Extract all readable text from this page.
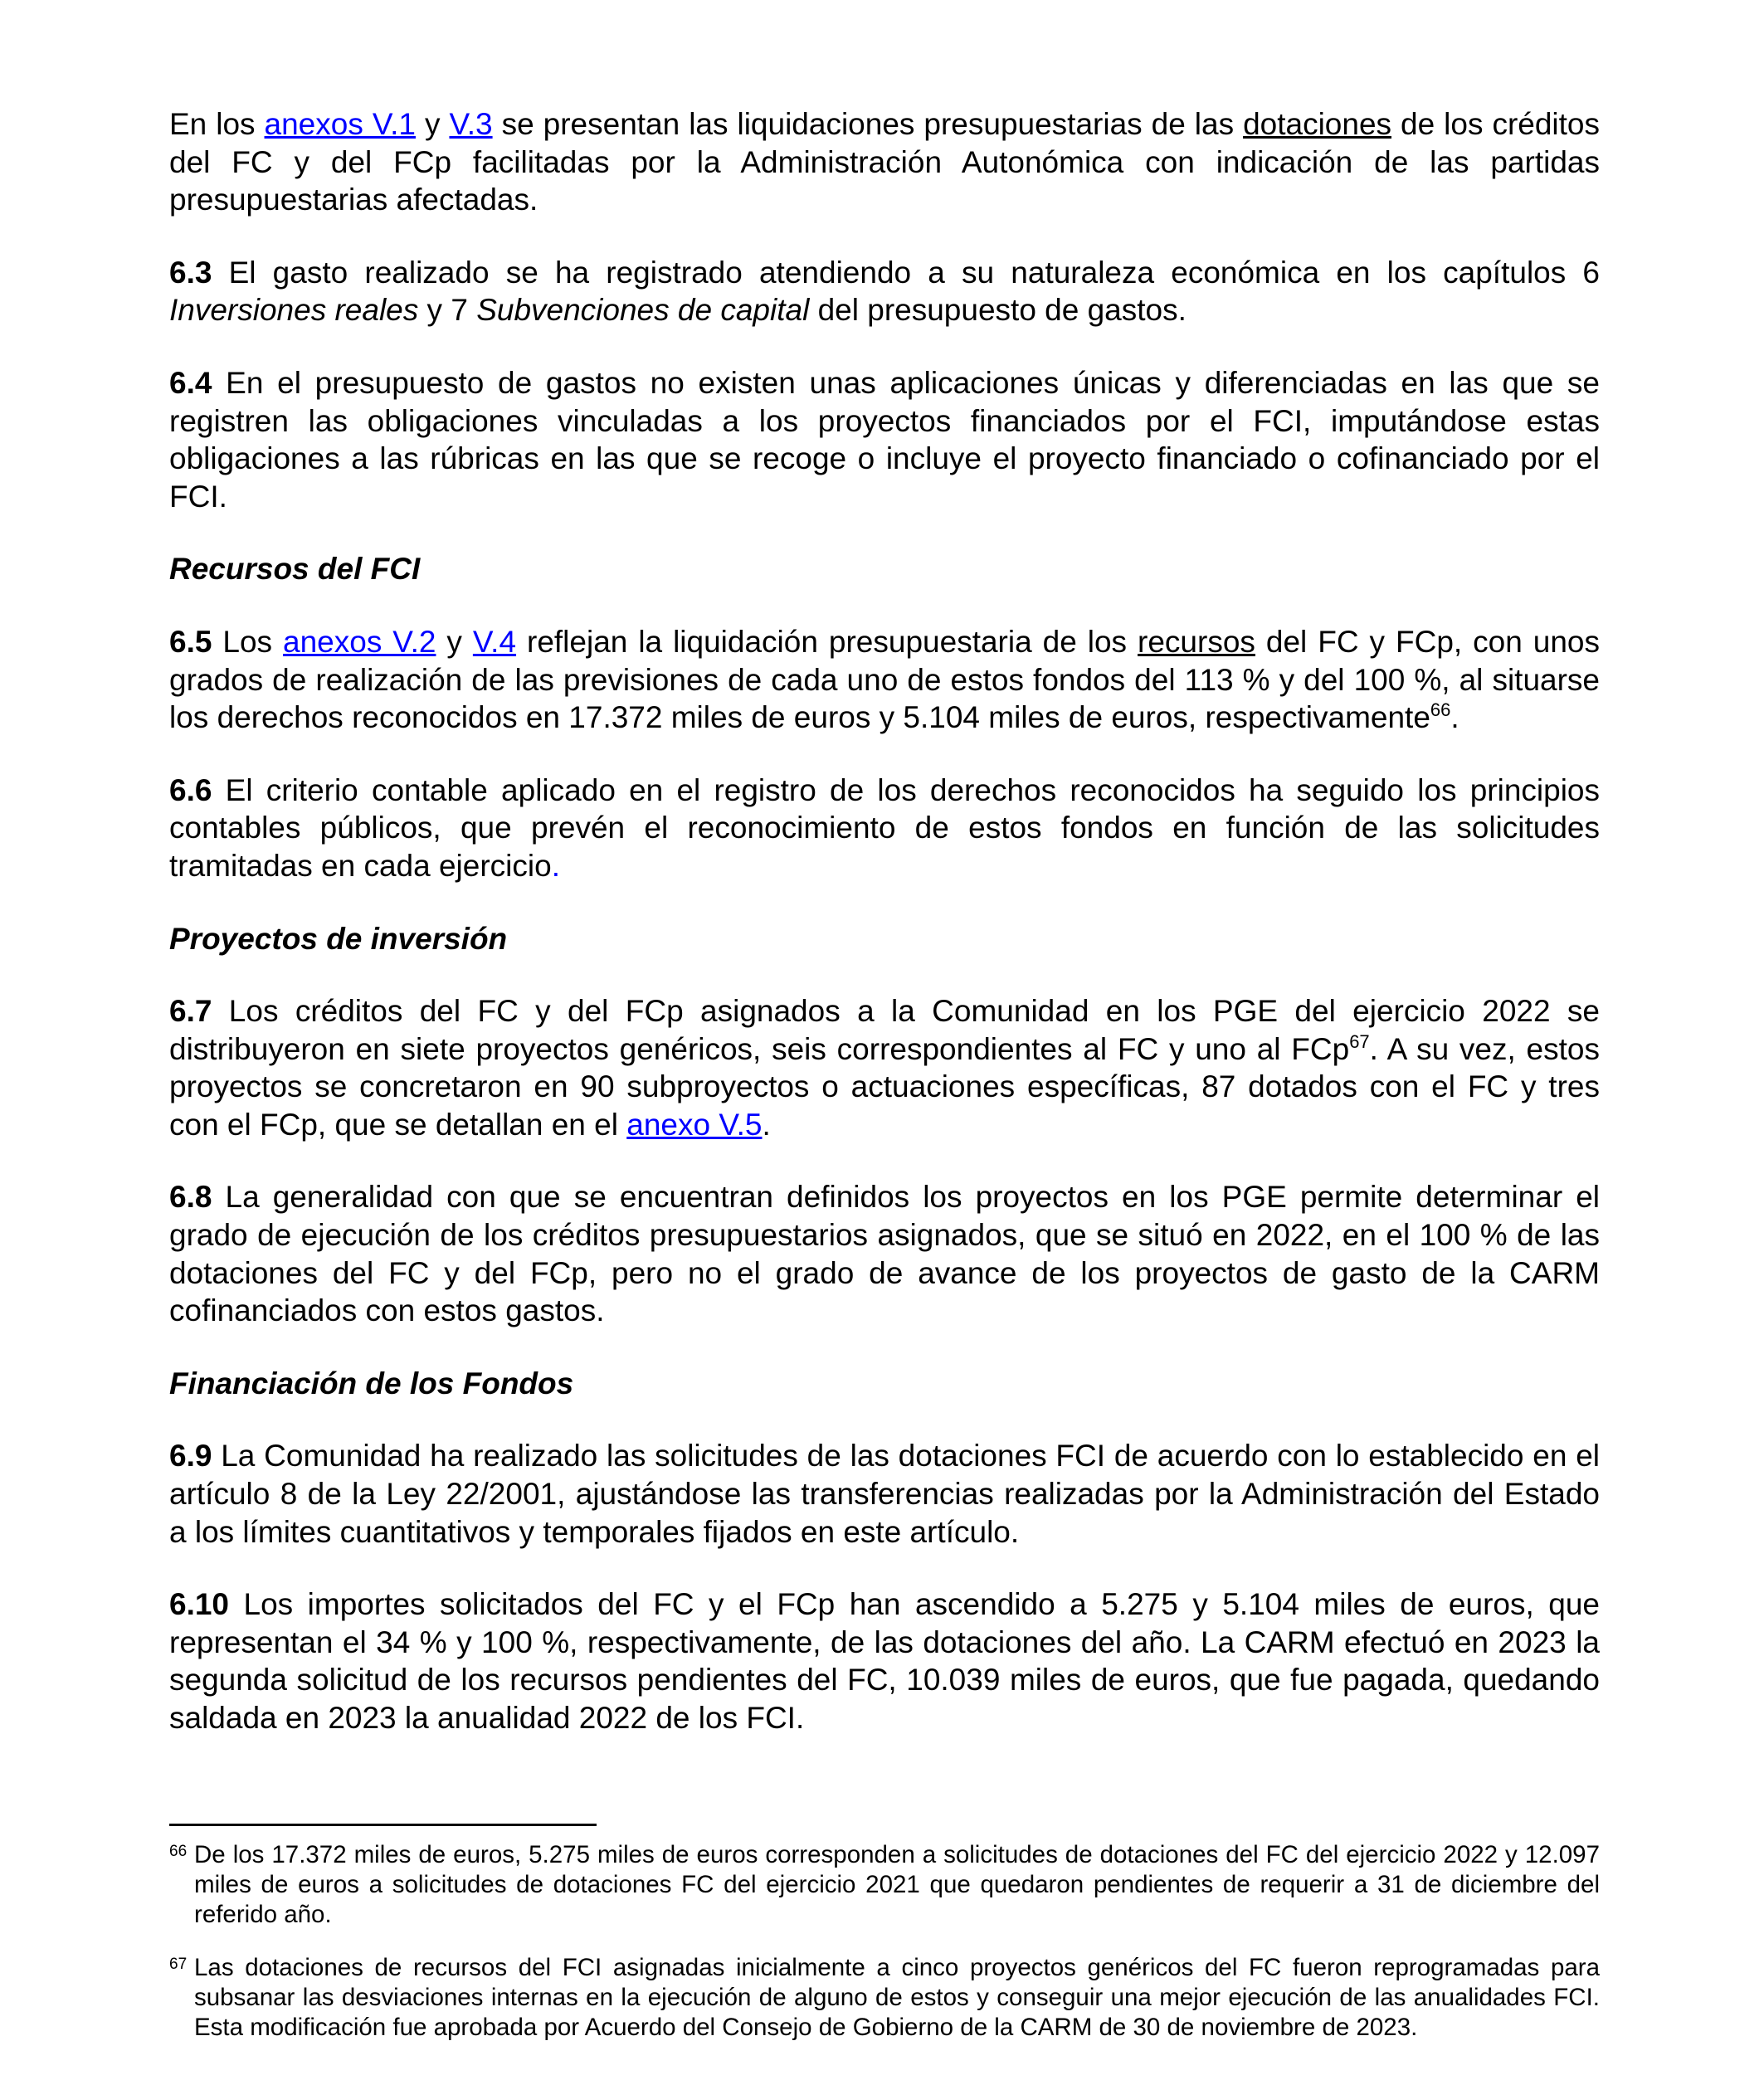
En los anexos V.1 y V.3 se presentan las liquidaciones presupuestarias de las dotaciones de los créditos del FC y del FCp facilitadas por la Administración Autonómica con indicación de las partidas presupuestarias afectadas.

6.3 El gasto realizado se ha registrado atendiendo a su naturaleza económica en los capítulos 6 Inversiones reales y 7 Subvenciones de capital del presupuesto de gastos.

6.4 En el presupuesto de gastos no existen unas aplicaciones únicas y diferenciadas en las que se registren las obligaciones vinculadas a los proyectos financiados por el FCI, imputándose estas obligaciones a las rúbricas en las que se recoge o incluye el proyecto financiado o cofinanciado por el FCI.

Recursos del FCI

6.5 Los anexos V.2 y V.4 reflejan la liquidación presupuestaria de los recursos del FC y FCp, con unos grados de realización de las previsiones de cada uno de estos fondos del 113 % y del 100 %, al situarse los derechos reconocidos en 17.372 miles de euros y 5.104 miles de euros, respectivamente$^{66}$.

6.6 El criterio contable aplicado en el registro de los derechos reconocidos ha seguido los principios contables públicos, que prevén el reconocimiento de estos fondos en función de las solicitudes tramitadas en cada ejercicio.

Proyectos de inversión

6.7 Los créditos del FC y del FCp asignados a la Comunidad en los PGE del ejercicio 2022 se distribuyeron en siete proyectos genéricos, seis correspondientes al FC y uno al FCp$^{67}$. A su vez, estos proyectos se concretaron en 90 subproyectos o actuaciones específicas, 87 dotados con el FC y tres con el FCp, que se detallan en el anexo V.5.

6.8 La generalidad con que se encuentran definidos los proyectos en los PGE permite determinar el grado de ejecución de los créditos presupuestarios asignados, que se situó en 2022, en el 100 % de las dotaciones del FC y del FCp, pero no el grado de avance de los proyectos de gasto de la CARM cofinanciados con estos gastos.

Financiación de los Fondos

6.9 La Comunidad ha realizado las solicitudes de las dotaciones FCI de acuerdo con lo establecido en el artículo 8 de la Ley 22/2001, ajustándose las transferencias realizadas por la Administración del Estado a los límites cuantitativos y temporales fijados en este artículo.

6.10 Los importes solicitados del FC y el FCp han ascendido a 5.275 y 5.104 miles de euros, que representan el 34 % y 100 %, respectivamente, de las dotaciones del año. La CARM efectuó en 2023 la segunda solicitud de los recursos pendientes del FC, 10.039 miles de euros, que fue pagada, quedando saldada en 2023 la anualidad 2022 de los FCI.

66 De los 17.372 miles de euros, 5.275 miles de euros corresponden a solicitudes de dotaciones del FC del ejercicio 2022 y 12.097 miles de euros a solicitudes de dotaciones FC del ejercicio 2021 que quedaron pendientes de requerir a 31 de diciembre del referido año.

67 Las dotaciones de recursos del FCI asignadas inicialmente a cinco proyectos genéricos del FC fueron reprogramadas para subsanar las desviaciones internas en la ejecución de alguno de estos y conseguir una mejor ejecución de las anualidades FCI. Esta modificación fue aprobada por Acuerdo del Consejo de Gobierno de la CARM de 30 de noviembre de 2023.
